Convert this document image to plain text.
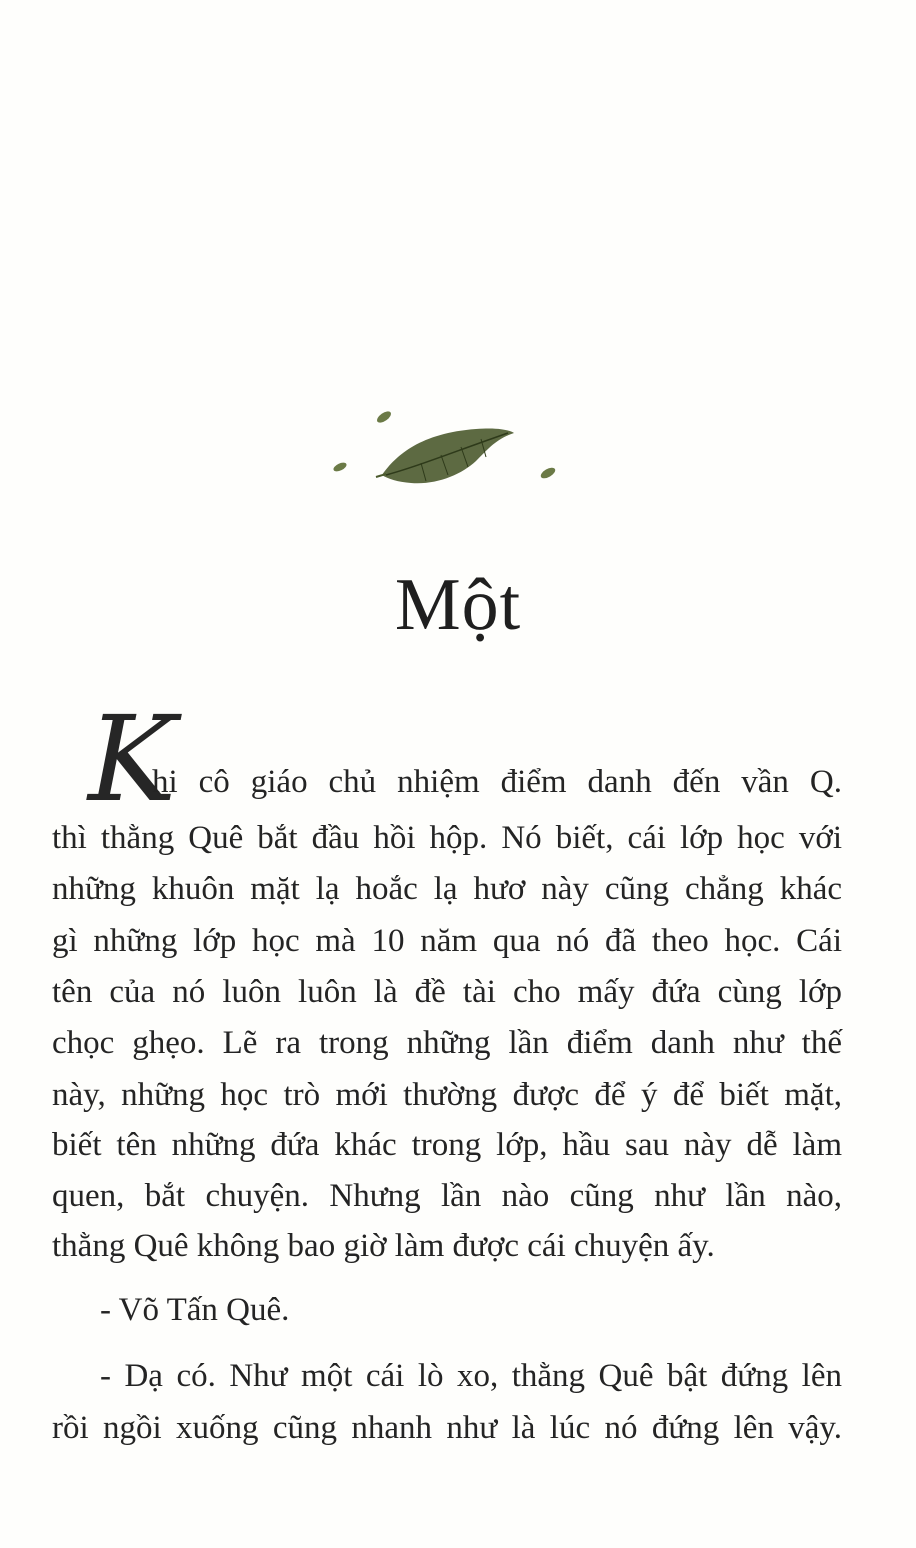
Một
K
hi cô giáo chủ nhiệm điểm danh đến vần Q.
thì thằng Quê bắt đầu hồi hộp. Nó biết, cái lớp học với
những khuôn mặt lạ hoắc lạ hươ này cũng chẳng khác
gì những lớp học mà 10 năm qua nó đã theo học. Cái
tên của nó luôn luôn là đề tài cho mấy đứa cùng lớp
chọc ghẹo. Lẽ ra trong những lần điểm danh như thế
này, những học trò mới thường được để ý để biết mặt,
biết tên những đứa khác trong lớp, hầu sau này dễ làm
quen, bắt chuyện. Nhưng lần nào cũng như lần nào,
thằng Quê không bao giờ làm được cái chuyện ấy.
- Võ Tấn Quê.
- Dạ có. Như một cái lò xo, thằng Quê bật đứng lên
rồi ngồi xuống cũng nhanh như là lúc nó đứng lên vậy.
